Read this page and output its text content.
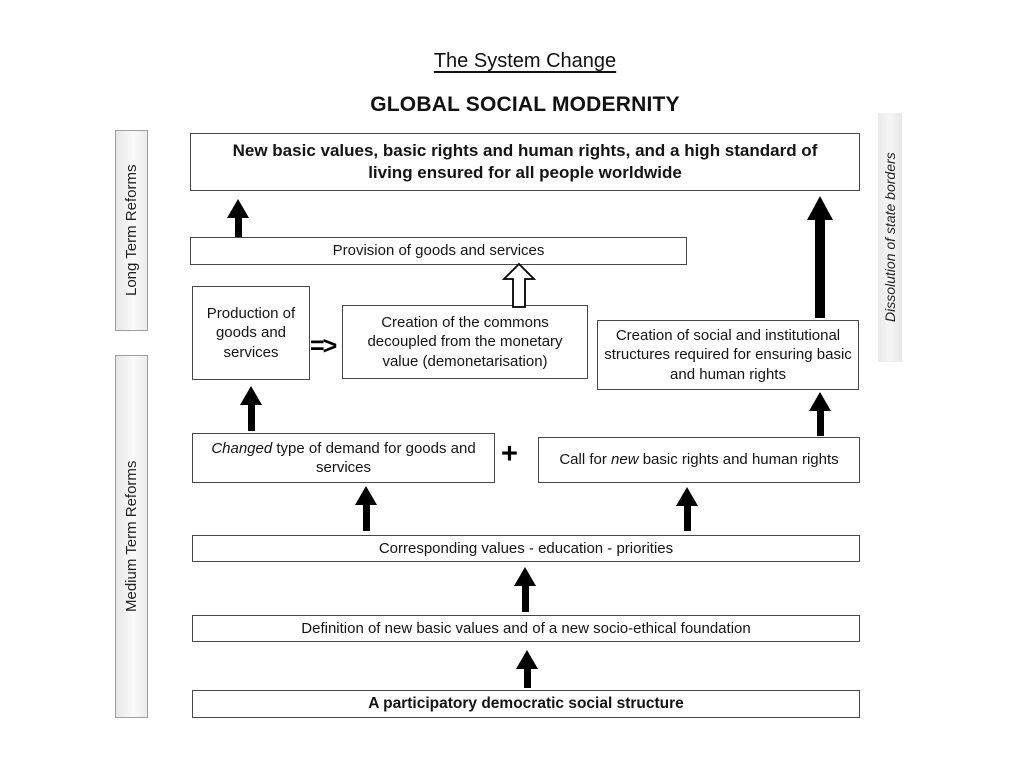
The System Change
GLOBAL SOCIAL MODERNITY
Long Term Reforms
Medium Term Reforms
Dissolution of state borders
New basic values, basic rights and human rights, and a high standard of living ensured for all people worldwide
Provision of goods and services
Production of goods and services
Creation of the commons decoupled from the monetary value (demonetarisation)
Creation of social and institutional structures required for ensuring basic and human rights
Changed type of demand for goods and services	Call for new basic rights and human rights
Corresponding values - education - priorities
Definition of new basic values and of a new socio-ethical foundation
A participatory democratic social structure
=>
+
